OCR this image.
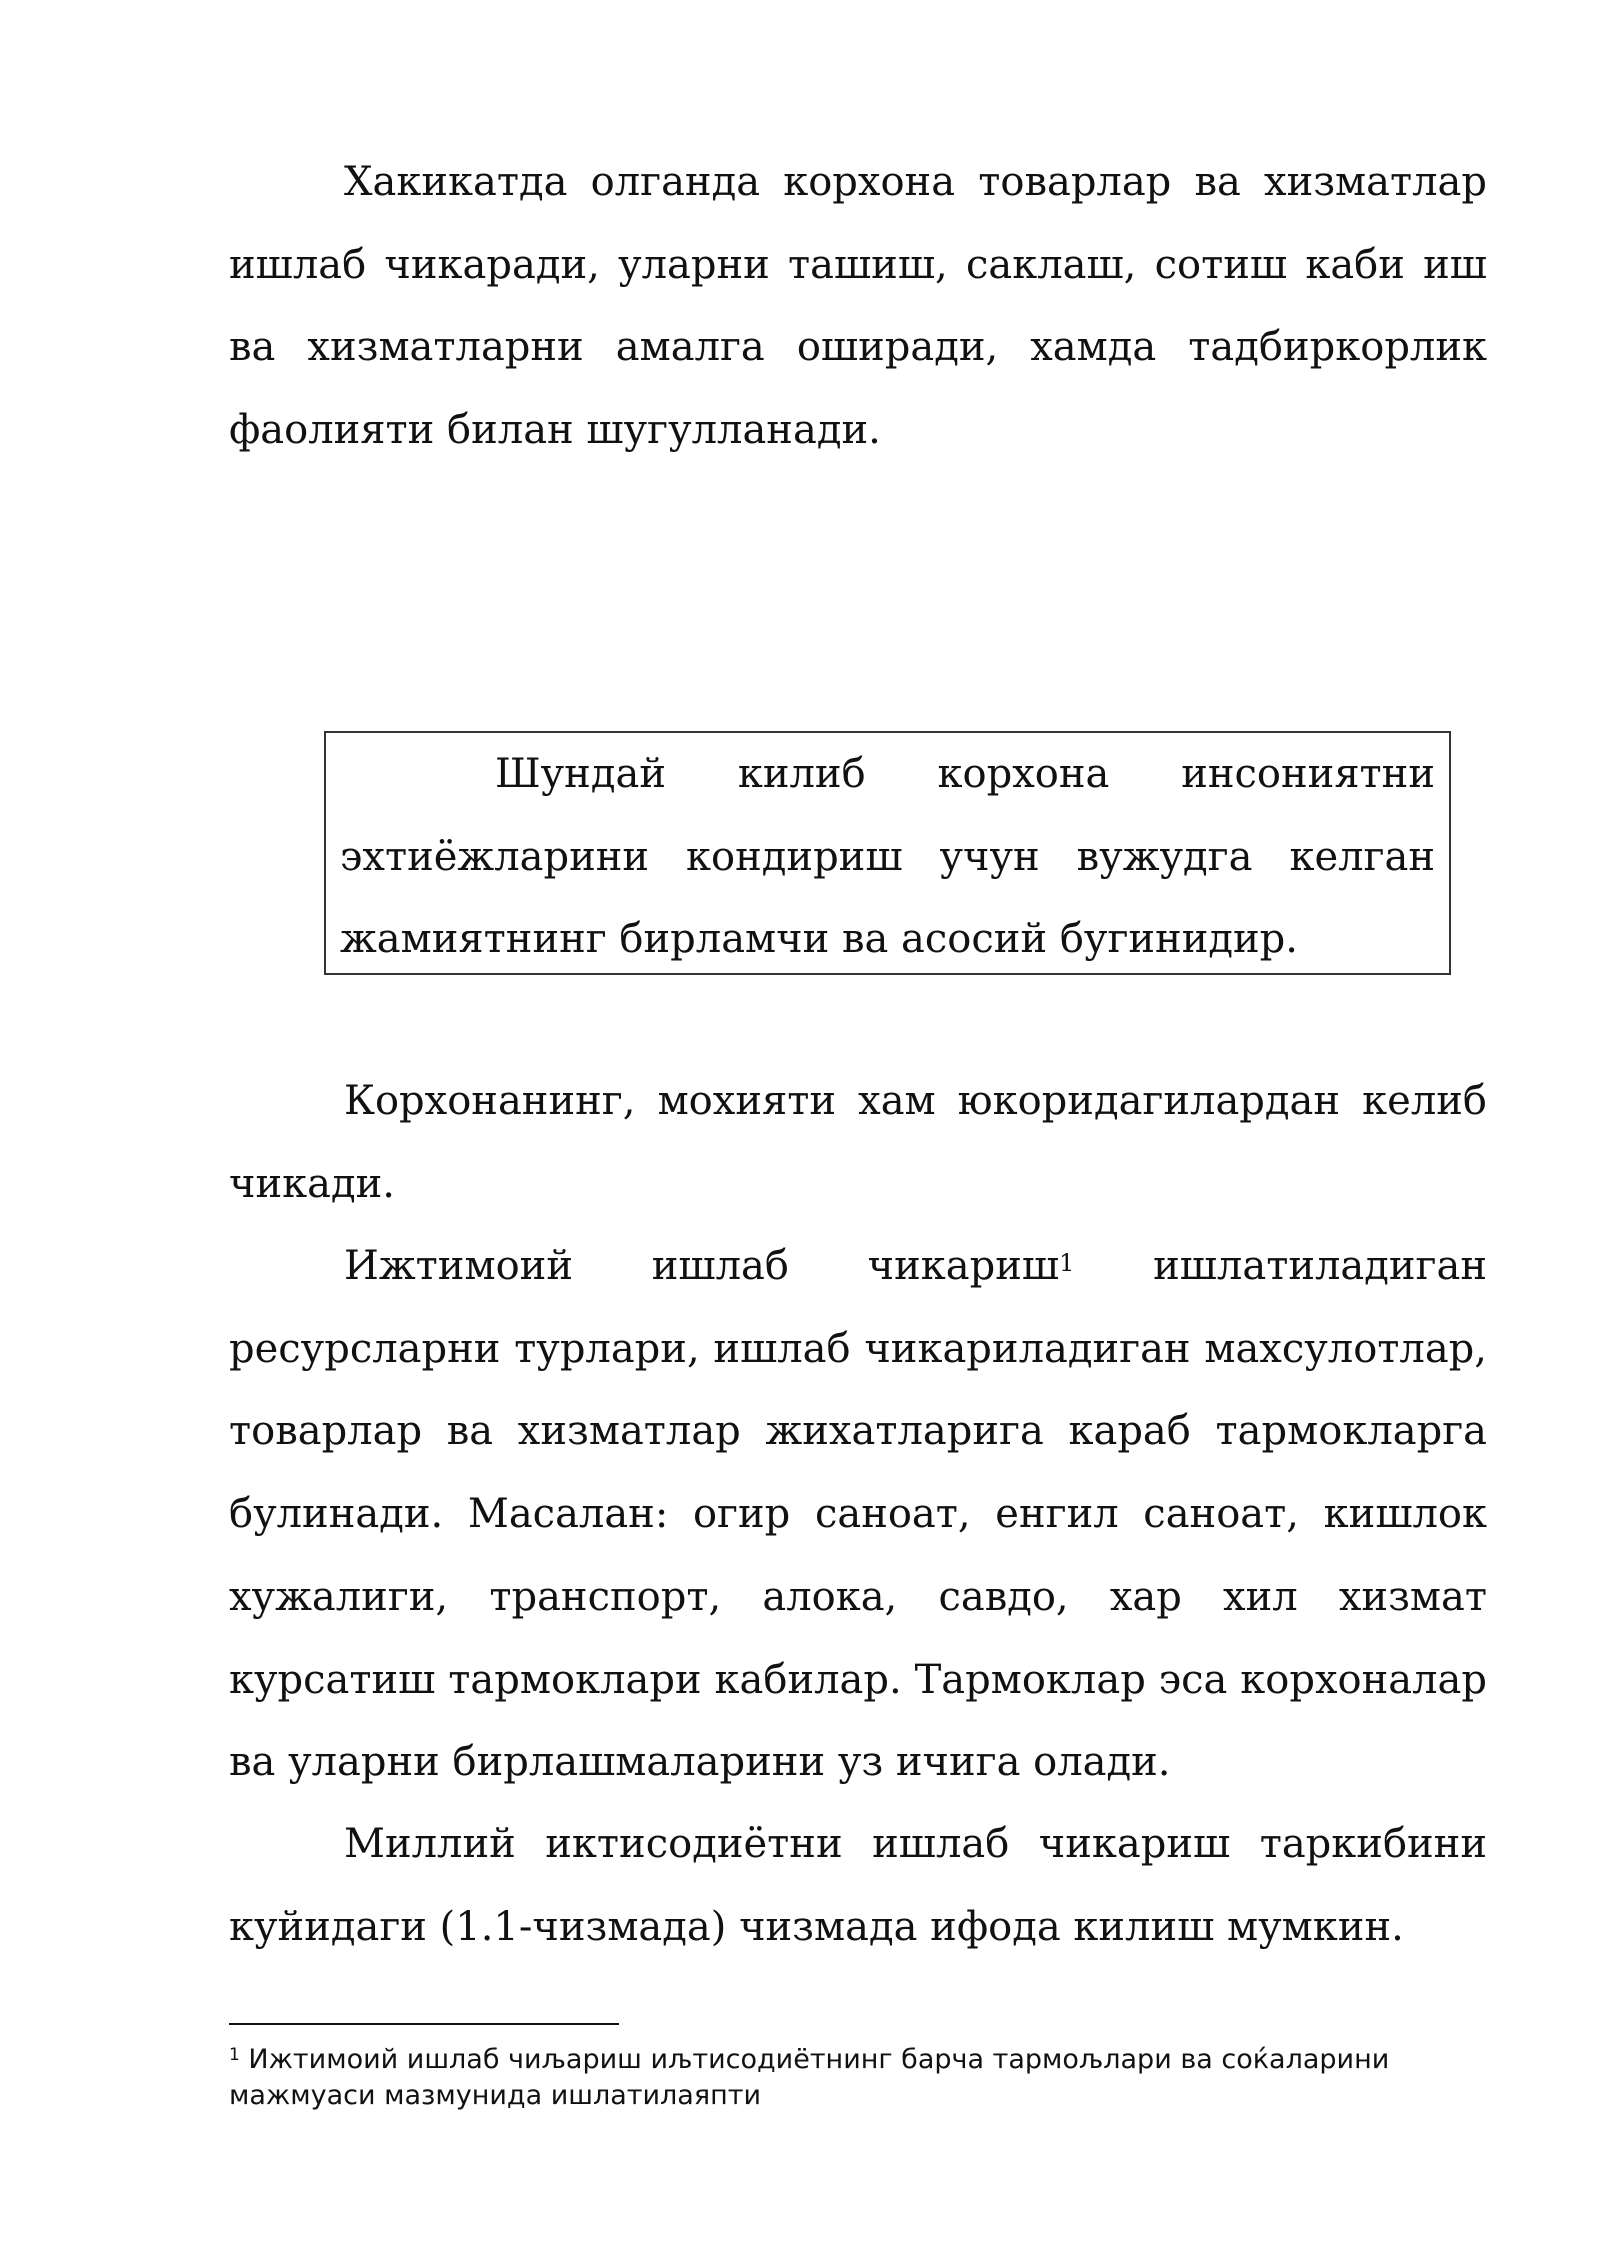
Хакикатда олганда корхона товарлар ва хизматлар ишлаб чикаради, уларни ташиш, саклаш, сотиш каби иш ва хизматларни амалга оширади, хамда тадбиркорлик фаолияти билан шугулланади.

Шундай килиб корхона инсониятни эхтиёжларини кондириш учун вужудга келган жамиятнинг бирламчи ва асосий бугинидир.

Корхонанинг, мохияти хам юкоридагилардан келиб чикади.

Ижтимоий ишлаб чикариш$^1$ ишлатиладиган ресурсларни турлари, ишлаб чикариладиган махсулотлар, товарлар ва хизматлар жихатларига караб тармокларга булинади. Масалан: огир саноат, енгил саноат, кишлок хужалиги, транспорт, алока, савдо, хар хил хизмат курсатиш тармоклари кабилар. Тармоклар эса корхоналар ва уларни бирлашмаларини уз ичига олади.

Миллий иктисодиётни ишлаб чикариш таркибини куйидаги (1.1-чизмада) чизмада ифода килиш мумкин.

$^1$ Ижтимоий ишлаб чиљариш иљтисодиётнинг барча тармољлари ва соќаларини мажмуаси мазмунида ишлатилаяпти
